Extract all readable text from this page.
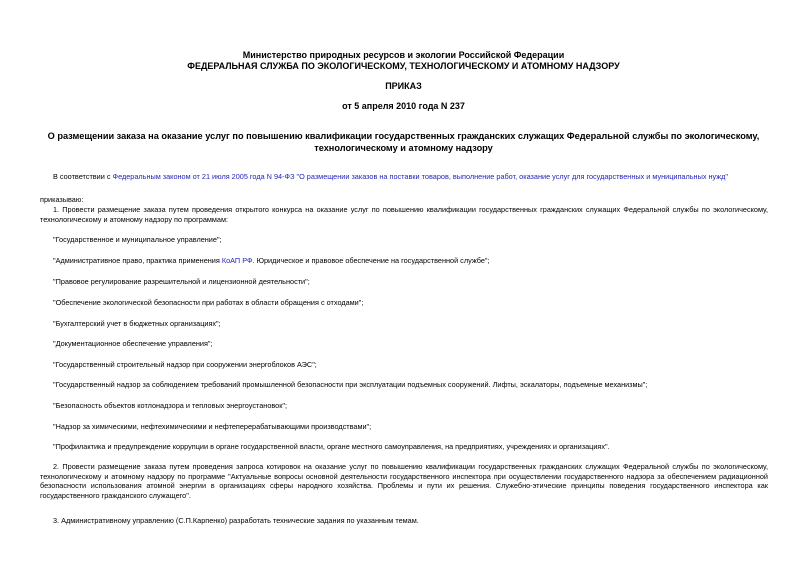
Министерство природных ресурсов и экологии Российской Федерации
ФЕДЕРАЛЬНАЯ СЛУЖБА ПО ЭКОЛОГИЧЕСКОМУ, ТЕХНОЛОГИЧЕСКОМУ И АТОМНОМУ НАДЗОРУ
ПРИКАЗ
от 5 апреля 2010 года N 237
О размещении заказа на оказание услуг по повышению квалификации государственных гражданских служащих Федеральной службы по экологическому, технологическому и атомному надзору
В соответствии с Федеральным законом от 21 июля 2005 года N 94-ФЗ "О размещении заказов на поставки товаров, выполнение работ, оказание услуг для государственных и муниципальных нужд"
приказываю:
1. Провести размещение заказа путем проведения открытого конкурса на оказание услуг по повышению квалификации государственных гражданских служащих Федеральной службы по экологическому, технологическому и атомному надзору по программам:
"Государственное и муниципальное управление";
"Административное право, практика применения КоАП РФ. Юридическое и правовое обеспечение на государственной службе";
"Правовое регулирование разрешительной и лицензионной деятельности";
"Обеспечение экологической безопасности при работах в области обращения с отходами";
"Бухгалтерский учет в бюджетных организациях";
"Документационное обеспечение управления";
"Государственный строительный надзор при сооружении энергоблоков АЭС";
"Государственный надзор за соблюдением требований промышленной безопасности при эксплуатации подъемных сооружений. Лифты, эскалаторы, подъемные механизмы";
"Безопасность объектов котлонадзора и тепловых энергоустановок";
"Надзор за химическими, нефтехимическими и нефтеперерабатывающими производствами";
"Профилактика и предупреждение коррупции в органе государственной власти, органе местного самоуправления, на предприятиях, учреждениях и организациях".
2. Провести размещение заказа путем проведения запроса котировок на оказание услуг по повышению квалификации государственных гражданских служащих Федеральной службы по экологическому, технологическому и атомному надзору по программе "Актуальные вопросы основной деятельности государственного инспектора при осуществлении государственного надзора за обеспечением радиационной безопасности использования атомной энергии в организациях сферы народного хозяйства. Проблемы и пути их решения. Служебно-этические принципы поведения государственного инспектора как государственного гражданского служащего".
3. Административному управлению (С.П.Карпенко) разработать технические задания по указанным темам.
